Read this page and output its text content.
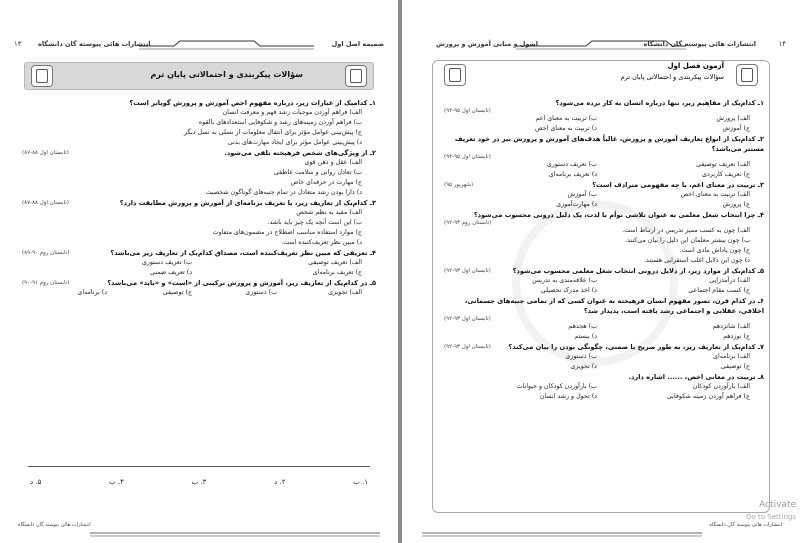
۱۳	انتشارات هائی پیوسته گان دانشگاه	ضمیمه اصل اول
سؤالات پیکربندی و احتمالاتی پایان ترم
۱ـ کدامیک از عبارات زیر، درباره مفهوم اخص آموزش و پرورش گویاتر است؟
الف) فراهم آوردن موجبات رشد فهم و معرفت انسان
ب) فراهم آوردن زمینه‌های رشد و شکوفایی استعدادهای بالقوه
ج) پیش‌بینی عوامل مؤثر برای انتقال معلومات از نسلی به نسل دیگر
د) پیش‌بینی عوامل مؤثر برای ایجاد مهارت‌های بدنی
۲ـ از ویژگی‌های شخص فرهیخته تلقی می‌شود.
(تابستان اول ۸۸-۸۷)
الف) عقل و ذهن قوی
ب) تعادل روانی و سلامت عاطفی
ج) مهارت در حرفه‌ای خاص
د) دارا بودن رشد متعادل در تمام جنبه‌های گوناگون شخصیت
۳ـ کدام‌یک از تعاریف زیر، با تعریف برنامه‌ای از آموزش و پرورش مطابقت دارد؟
(تابستان اول ۸۸-۸۷)
الف) مقید به نظم شخص
ب) این است آنچه یک چیز باید باشد.
ج) موارد استفاده مناسب اصطلاح در مضمون‌های متفاوت
د) مبین نظر تعریف‌کننده است.
۴ـ تعریفی که مبین نظر تعریف‌کننده است، مصداق کدام‌یک از تعاریف زیر می‌باشد؟
(تابستان روم ۹۰-۸۹)
الف) تعریف توصیفی
ب) تعریف دستوری
ج) تعریف برنامه‌ای
د) تعریف ضمنی
۵ـ در کدام‌یک از تعاریف زیر، آموزش و پرورش ترکیبی از «است» و «باید» می‌باشد؟
(تابستان روم ۹۱-۹۰)
الف) تجویزی
ب) دستوری
ج) توصیفی
د) برنامه‌ای
۱. ب
۲. د
۳. ب
۴. ب
۵. د
انتشارات هائی پیوسته گان دانشگاه
اصول و مبانی آموزش و پرورش	انتشارات هائی پیوسته گان دانشگاه	۱۴
آزمون فصل اول
سؤالات پیکربندی و احتمالاتی پایان ترم
۱ـ کدام‌یک از مفاهیم زیر، تنها درباره انسان به کار برده می‌شود؟
(تابستان اول ۹۵-۹۴)
الف) پرورش
ب) تربیت به معنای اعم
ج) آموزش
د) تربیت به معنای اخص
۲ـ کدام‌یک از انواع تعاریف آموزش و پرورش، غالباً هدف‌های آموزش و پرورش نیز در خود تعریف مستتر می‌باشد؟
(تابستان اول ۹۵-۹۴)
الف) تعریف توصیفی
ب) تعریف دستوری
ج) تعریف کاربردی
د) تعریف برنامه‌ای
۳ـ تربیت در معنای اعم، با چه مفهومی مترادف است؟
(شهریور ۹۵)
الف) تربیت به معنای اخص
ب) آموزش
ج) پرورش
د) مهارت‌آموزی
۴ـ چرا انتخاب شغل معلمی به عنوان تلاشی توأم با لذت، یک دلیل درونی محسوب می‌شود؟
(تابستان روم ۹۳-۹۲)
الف) چون به کسب ممیز تدریس در ارتباط است.
ب) چون بیشتر معلمان این دلیل را بیان می‌کنند.
ج) چون پاداش مادی است.
د) چون این دلایل اغلب استقرایی هستند.
۵ـ کدام‌یک از موارد زیر، از دلایل درونی انتخاب شغل معلمی محسوب می‌شود؟
(تابستان اول ۹۳-۹۲)
الف) درآمدزایی
ب) علاقه‌مندی به تدریس
ج) کسب مقام اجتماعی
د) اخذ مدرک تحصیلی
۶ـ در کدام قرن، تصور مفهوم انسان فرهیخته به عنوان کسی که از تمامی جنبه‌های جسمانی، اخلاقی، عقلانی و اجتماعی رشد یافته است، پدیدار شد؟
(تابستان اول ۹۳-۹۲)
الف) شانزدهم
ب) هجدهم
ج) نوزدهم
د) بیستم
۷ـ کدام‌یک از تعاریف زیر، به طور صریح یا ضمنی، چگونگی بودن را بیان می‌کند؟
(تابستان اول ۹۳-۹۲)
الف) برنامه‌ای
ب) دستوری
ج) توصیفی
د) تجویزی
۸ـ تربیت در معانی اخص، ...... اشاره دارد.
الف) بارآوردن کودکان
ب) بارآوردن کودکان و حیوانات
ج) فراهم آوردن زمینه شکوفایی
د) تحول و رشد انسان
انتشارات هائی پیوسته گان دانشگاه
Activate
Go to Settings
